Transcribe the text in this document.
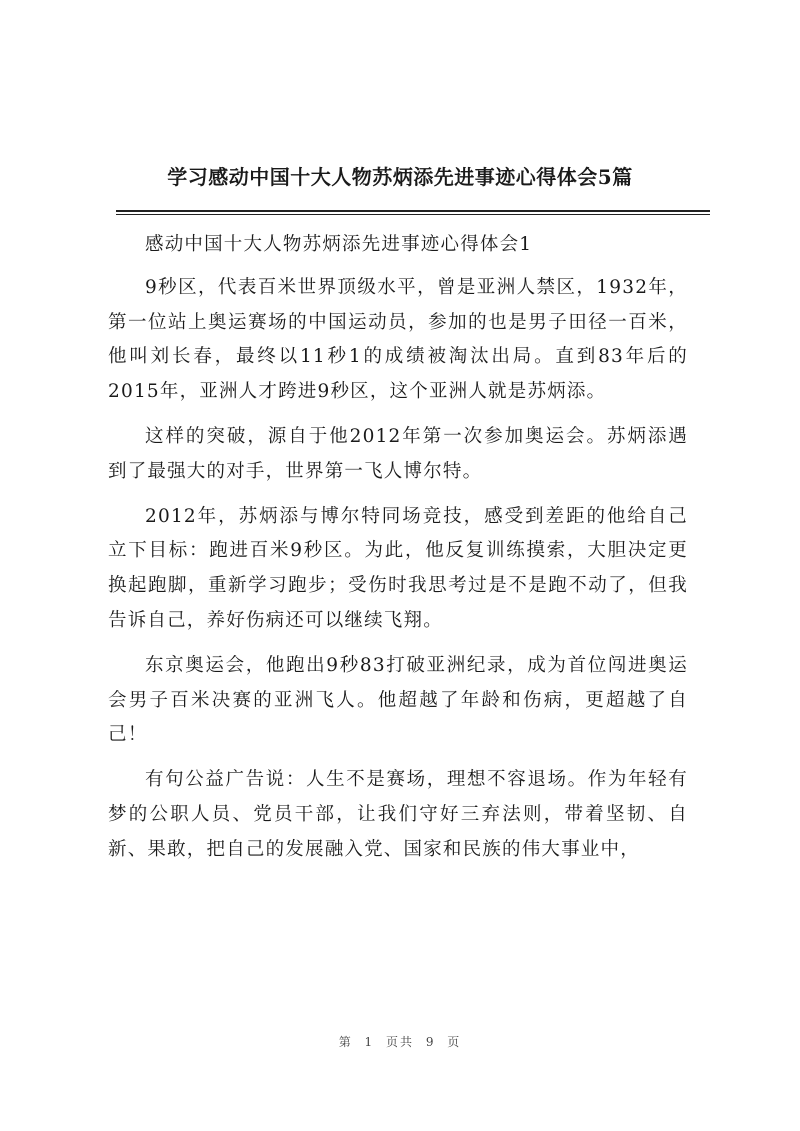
学习感动中国十大人物苏炳添先进事迹心得体会5篇

感动中国十大人物苏炳添先进事迹心得体会1

9秒区，代表百米世界顶级水平，曾是亚洲人禁区，1932年，第一位站上奥运赛场的中国运动员，参加的也是男子田径一百米，他叫刘长春，最终以11秒1的成绩被淘汰出局。直到83年后的2015年，亚洲人才跨进9秒区，这个亚洲人就是苏炳添。

这样的突破，源自于他2012年第一次参加奥运会。苏炳添遇到了最强大的对手，世界第一飞人博尔特。

2012年，苏炳添与博尔特同场竞技，感受到差距的他给自己立下目标：跑进百米9秒区。为此，他反复训练摸索，大胆决定更换起跑脚，重新学习跑步；受伤时我思考过是不是跑不动了，但我告诉自己，养好伤病还可以继续飞翔。

东京奥运会，他跑出9秒83打破亚洲纪录，成为首位闯进奥运会男子百米决赛的亚洲飞人。他超越了年龄和伤病，更超越了自己！

有句公益广告说：人生不是赛场，理想不容退场。作为年轻有梦的公职人员、党员干部，让我们守好三弃法则，带着坚韧、自新、果敢，把自己的发展融入党、国家和民族的伟大事业中，

第 1 页共 9 页
